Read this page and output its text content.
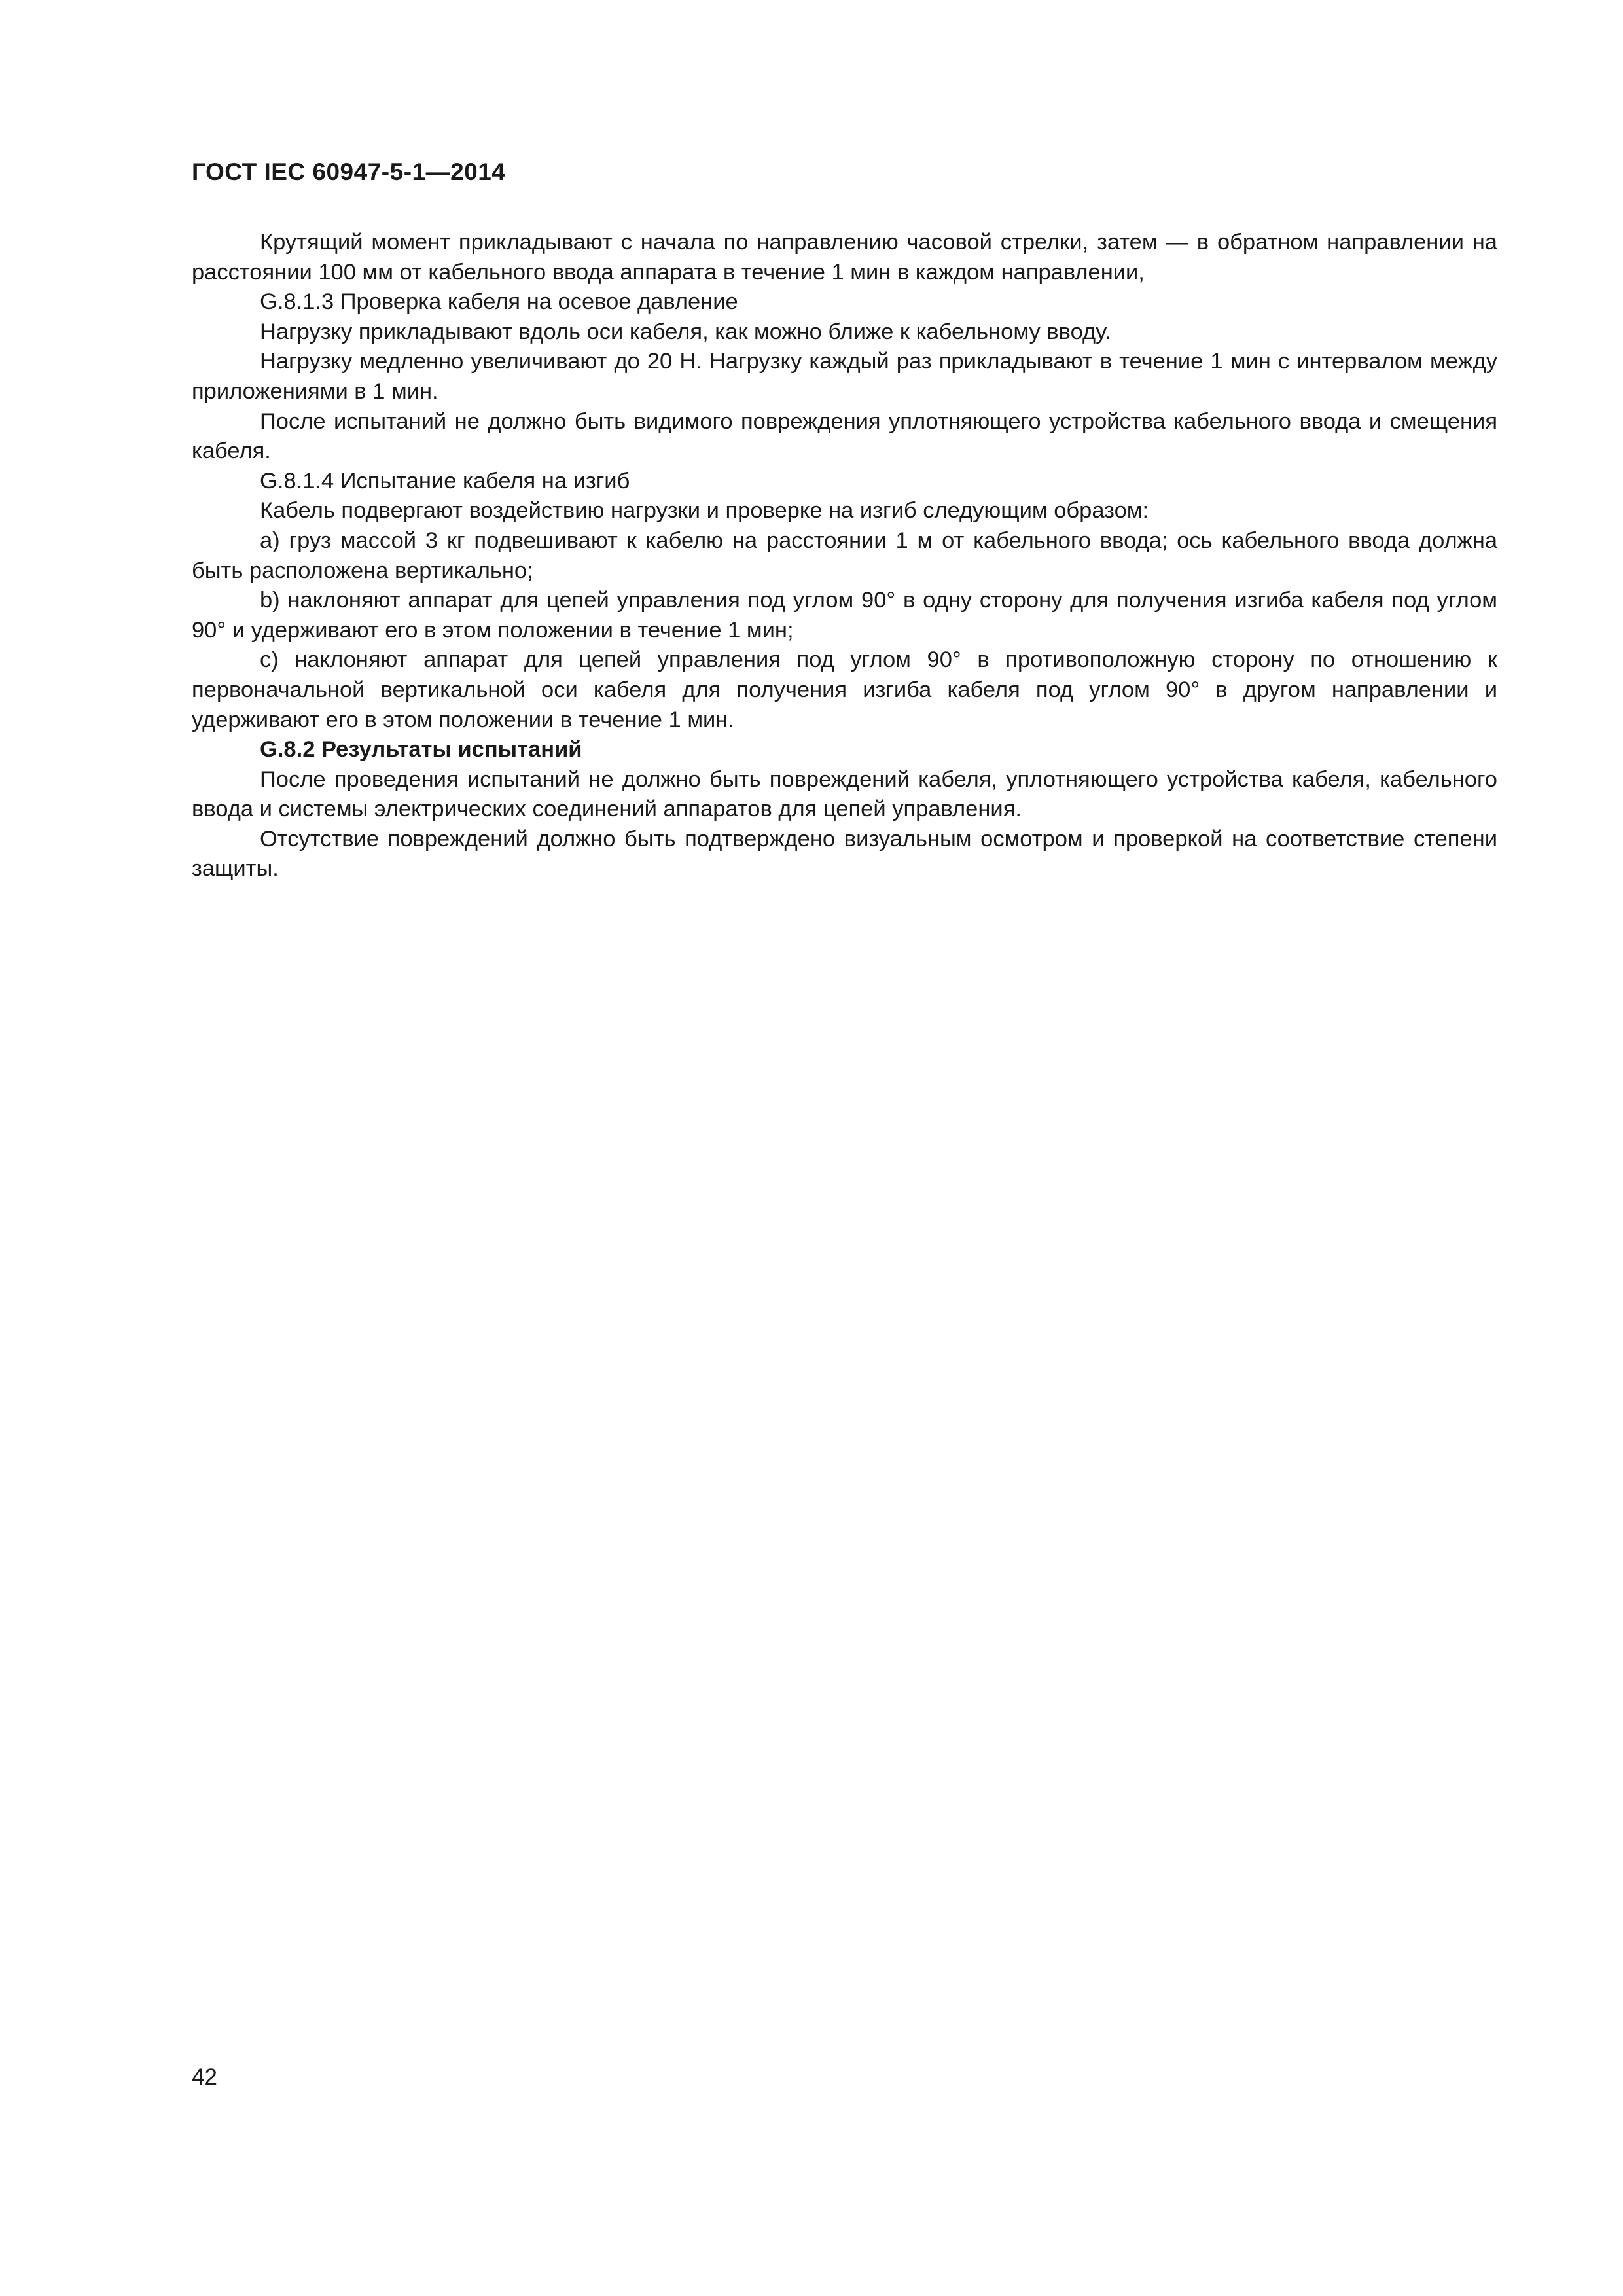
ГОСТ IEC 60947-5-1—2014

Крутящий момент прикладывают с начала по направлению часовой стрелки, затем — в обратном направлении на расстоянии 100 мм от кабельного ввода аппарата в течение 1 мин в каждом направлении,

G.8.1.3 Проверка кабеля на осевое давление

Нагрузку прикладывают вдоль оси кабеля, как можно ближе к кабельному вводу.

Нагрузку медленно увеличивают до 20 Н. Нагрузку каждый раз прикладывают в течение 1 мин с интервалом между приложениями в 1 мин.

После испытаний не должно быть видимого повреждения уплотняющего устройства кабельного ввода и смещения кабеля.

G.8.1.4 Испытание кабеля на изгиб

Кабель подвергают воздействию нагрузки и проверке на изгиб следующим образом:

a) груз массой 3 кг подвешивают к кабелю на расстоянии 1 м от кабельного ввода; ось кабельного ввода должна быть расположена вертикально;

b) наклоняют аппарат для цепей управления под углом 90° в одну сторону для получения изгиба кабеля под углом 90° и удерживают его в этом положении в течение 1 мин;

c) наклоняют аппарат для цепей управления под углом 90° в противоположную сторону по отношению к первоначальной вертикальной оси кабеля для получения изгиба кабеля под углом 90° в другом направлении и удерживают его в этом положении в течение 1 мин.

G.8.2 Результаты испытаний

После проведения испытаний не должно быть повреждений кабеля, уплотняющего устройства кабеля, кабельного ввода и системы электрических соединений аппаратов для цепей управления.

Отсутствие повреждений должно быть подтверждено визуальным осмотром и проверкой на соответствие степени защиты.

42
